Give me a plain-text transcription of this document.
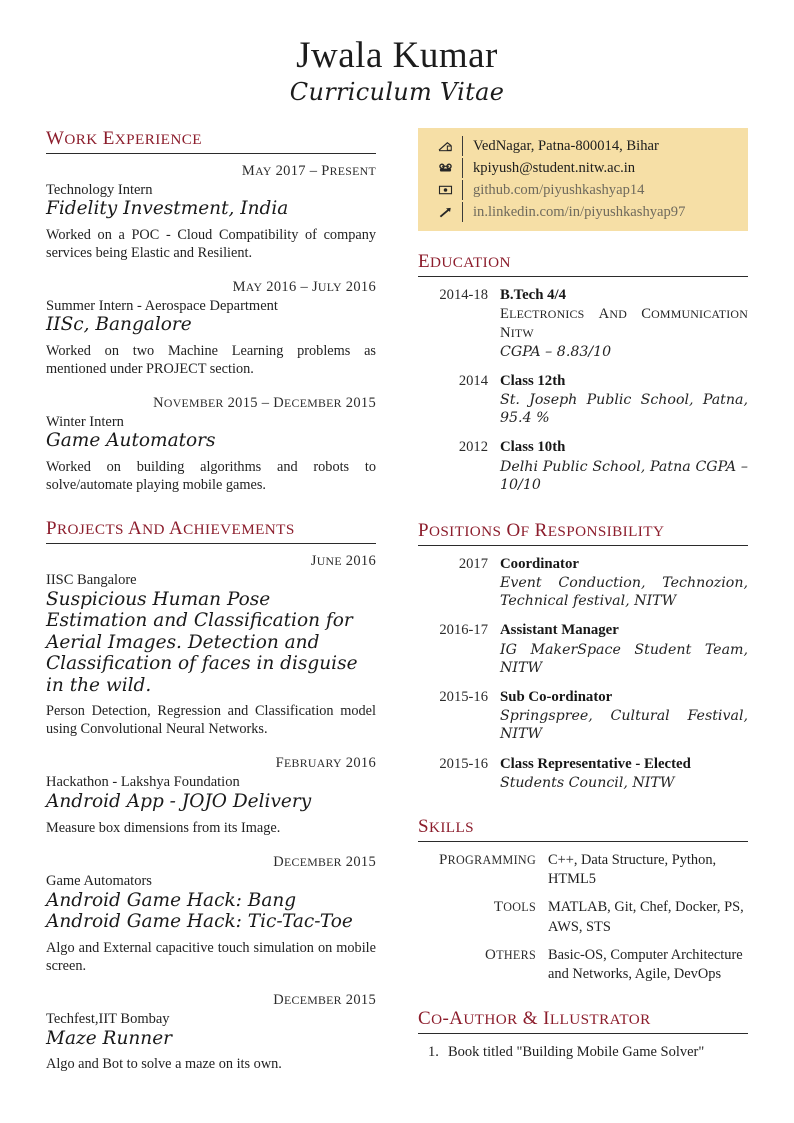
Jwala Kumar
Curriculum Vitae
WORK EXPERIENCE
MAY 2017 – PRESENT
Technology Intern
Fidelity Investment, India
Worked on a POC - Cloud Compatibility of company services being Elastic and Resilient.
MAY 2016 – JULY 2016
Summer Intern - Aerospace Department
IISc, Bangalore
Worked on two Machine Learning problems as mentioned under PROJECT section.
NOVEMBER 2015 – DECEMBER 2015
Winter Intern
Game Automators
Worked on building algorithms and robots to solve/automate playing mobile games.
PROJECTS AND ACHIEVEMENTS
JUNE 2016
IISC Bangalore
Suspicious Human Pose Estimation and Classification for Aerial Images. Detection and Classification of faces in disguise in the wild.
Person Detection, Regression and Classification model using Convolutional Neural Networks.
FEBRUARY 2016
Hackathon - Lakshya Foundation
Android App - JOJO Delivery
Measure box dimensions from its Image.
DECEMBER 2015
Game Automators
Android Game Hack: Bang
Android Game Hack: Tic-Tac-Toe
Algo and External capacitive touch simulation on mobile screen.
DECEMBER 2015
Techfest,IIT Bombay
Maze Runner
Algo and Bot to solve a maze on its own.
VedNagar, Patna-800014, Bihar
kpiyush@student.nitw.ac.in
github.com/piyushkashyap14
in.linkedin.com/in/piyushkashyap97
EDUCATION
2014-18 B.Tech 4/4
ELECTRONICS AND COMMUNICATION NITW
CGPA – 8.83/10
2014 Class 12th
St. Joseph Public School, Patna, 95.4 %
2012 Class 10th
Delhi Public School, Patna CGPA – 10/10
POSITIONS OF RESPONSIBILITY
2017 Coordinator
Event Conduction, Technozion, Technical festival, NITW
2016-17 Assistant Manager
IG MakerSpace Student Team, NITW
2015-16 Sub Co-ordinator
Springspree, Cultural Festival, NITW
2015-16 Class Representative - Elected
Students Council, NITW
SKILLS
PROGRAMMING C++, Data Structure, Python, HTML5
TOOLS MATLAB, Git, Chef, Docker, PS, AWS, STS
OTHERS Basic-OS, Computer Architecture and Networks, Agile, DevOps
CO-AUTHOR & ILLUSTRATOR
1. Book titled "Building Mobile Game Solver"
